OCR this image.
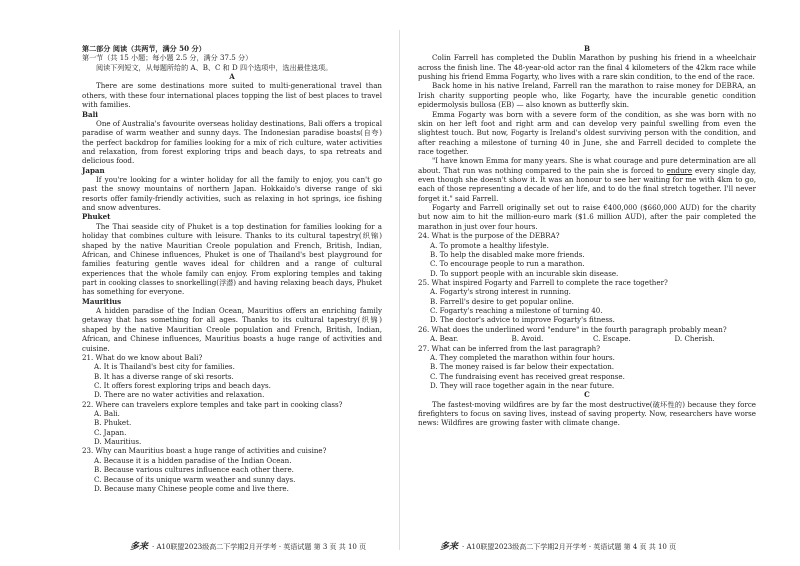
第二部分 阅读（共两节，满分 50 分）

第一节（共 15 小题；每小题 2.5 分，满分 37.5 分）

阅读下列短文，从每题所给的 A、B、C 和 D 四个选项中，选出最佳选项。

A

There are some destinations more suited to multi-generational travel than others, with these four international places topping the list of best places to travel with families.

Bali

One of Australia's favourite overseas holiday destinations, Bali offers a tropical paradise of warm weather and sunny days. The Indonesian paradise boasts(自夸) the perfect backdrop for families looking for a mix of rich culture, water activities and relaxation, from forest exploring trips and beach days, to spa retreats and delicious food.

Japan

If you're looking for a winter holiday for all the family to enjoy, you can't go past the snowy mountains of northern Japan. Hokkaido's diverse range of ski resorts offer family-friendly activities, such as relaxing in hot springs, ice fishing and snow adventures.

Phuket

The Thai seaside city of Phuket is a top destination for families looking for a holiday that combines culture with leisure. Thanks to its cultural tapestry(织锦) shaped by the native Mauritian Creole population and French, British, Indian, African, and Chinese influences, Phuket is one of Thailand's best playground for families featuring gentle waves ideal for children and a range of cultural experiences that the whole family can enjoy. From exploring temples and taking part in cooking classes to snorkelling(浮潜) and having relaxing beach days, Phuket has something for everyone.

Mauritius

A hidden paradise of the Indian Ocean, Mauritius offers an enriching family getaway that has something for all ages. Thanks to its cultural tapestry(织锦) shaped by the native Mauritian Creole population and French, British, Indian, African, and Chinese influences, Mauritius boasts a huge range of activities and cuisine.

21. What do we know about Bali?

A. It is Thailand's best city for families.

B. It has a diverse range of ski resorts.

C. It offers forest exploring trips and beach days.

D. There are no water activities and relaxation.

22. Where can travelers explore temples and take part in cooking class?

A. Bali.

B. Phuket.

C. Japan.

D. Mauritius.

23. Why can Mauritius boast a huge range of activities and cuisine?

A. Because it is a hidden paradise of the Indian Ocean.

B. Because various cultures influence each other there.

C. Because of its unique warm weather and sunny days.

D. Because many Chinese people come and live there.

多来 · A10联盟2023级高二下学期2月开学考 · 英语试题 第 3 页 共 10 页

B

Colin Farrell has completed the Dublin Marathon by pushing his friend in a wheelchair across the finish line. The 48-year-old actor ran the final 4 kilometers of the 42km race while pushing his friend Emma Fogarty, who lives with a rare skin condition, to the end of the race.

Back home in his native Ireland, Farrell ran the marathon to raise money for DEBRA, an Irish charity supporting people who, like Fogarty, have the incurable genetic condition epidermolysis bullosa (EB) — also known as butterfly skin.

Emma Fogarty was born with a severe form of the condition, as she was born with no skin on her left foot and right arm and can develop very painful swelling from even the slightest touch. But now, Fogarty is Ireland's oldest surviving person with the condition, and after reaching a milestone of turning 40 in June, she and Farrell decided to complete the race together.

"I have known Emma for many years. She is what courage and pure determination are all about. That run was nothing compared to the pain she is forced to endure every single day, even though she doesn't show it. It was an honour to see her waiting for me with 4km to go, each of those representing a decade of her life, and to do the final stretch together. I'll never forget it." said Farrell.

Fogarty and Farrell originally set out to raise €400,000 ($660,000 AUD) for the charity but now aim to hit the million-euro mark ($1.6 million AUD), after the pair completed the marathon in just over four hours.

24. What is the purpose of the DEBRA?

A. To promote a healthy lifestyle.

B. To help the disabled make more friends.

C. To encourage people to run a marathon.

D. To support people with an incurable skin disease.

25. What inspired Fogarty and Farrell to complete the race together?

A. Fogarty's strong interest in running.

B. Farrell's desire to get popular online.

C. Fogarty's reaching a milestone of turning 40.

D. The doctor's advice to improve Fogarty's fitness.

26. What does the underlined word "endure" in the fourth paragraph probably mean?

A. Bear.	B. Avoid.	C. Escape.	D. Cherish.

27. What can be inferred from the last paragraph?

A. They completed the marathon within four hours.

B. The money raised is far below their expectation.

C. The fundraising event has received great response.

D. They will race together again in the near future.

C

The fastest-moving wildfires are by far the most destructive(破坏性的) because they force firefighters to focus on saving lives, instead of saving property. Now, researchers have worse news: Wildfires are growing faster with climate change.

多来 · A10联盟2023级高二下学期2月开学考 · 英语试题 第 4 页 共 10 页
